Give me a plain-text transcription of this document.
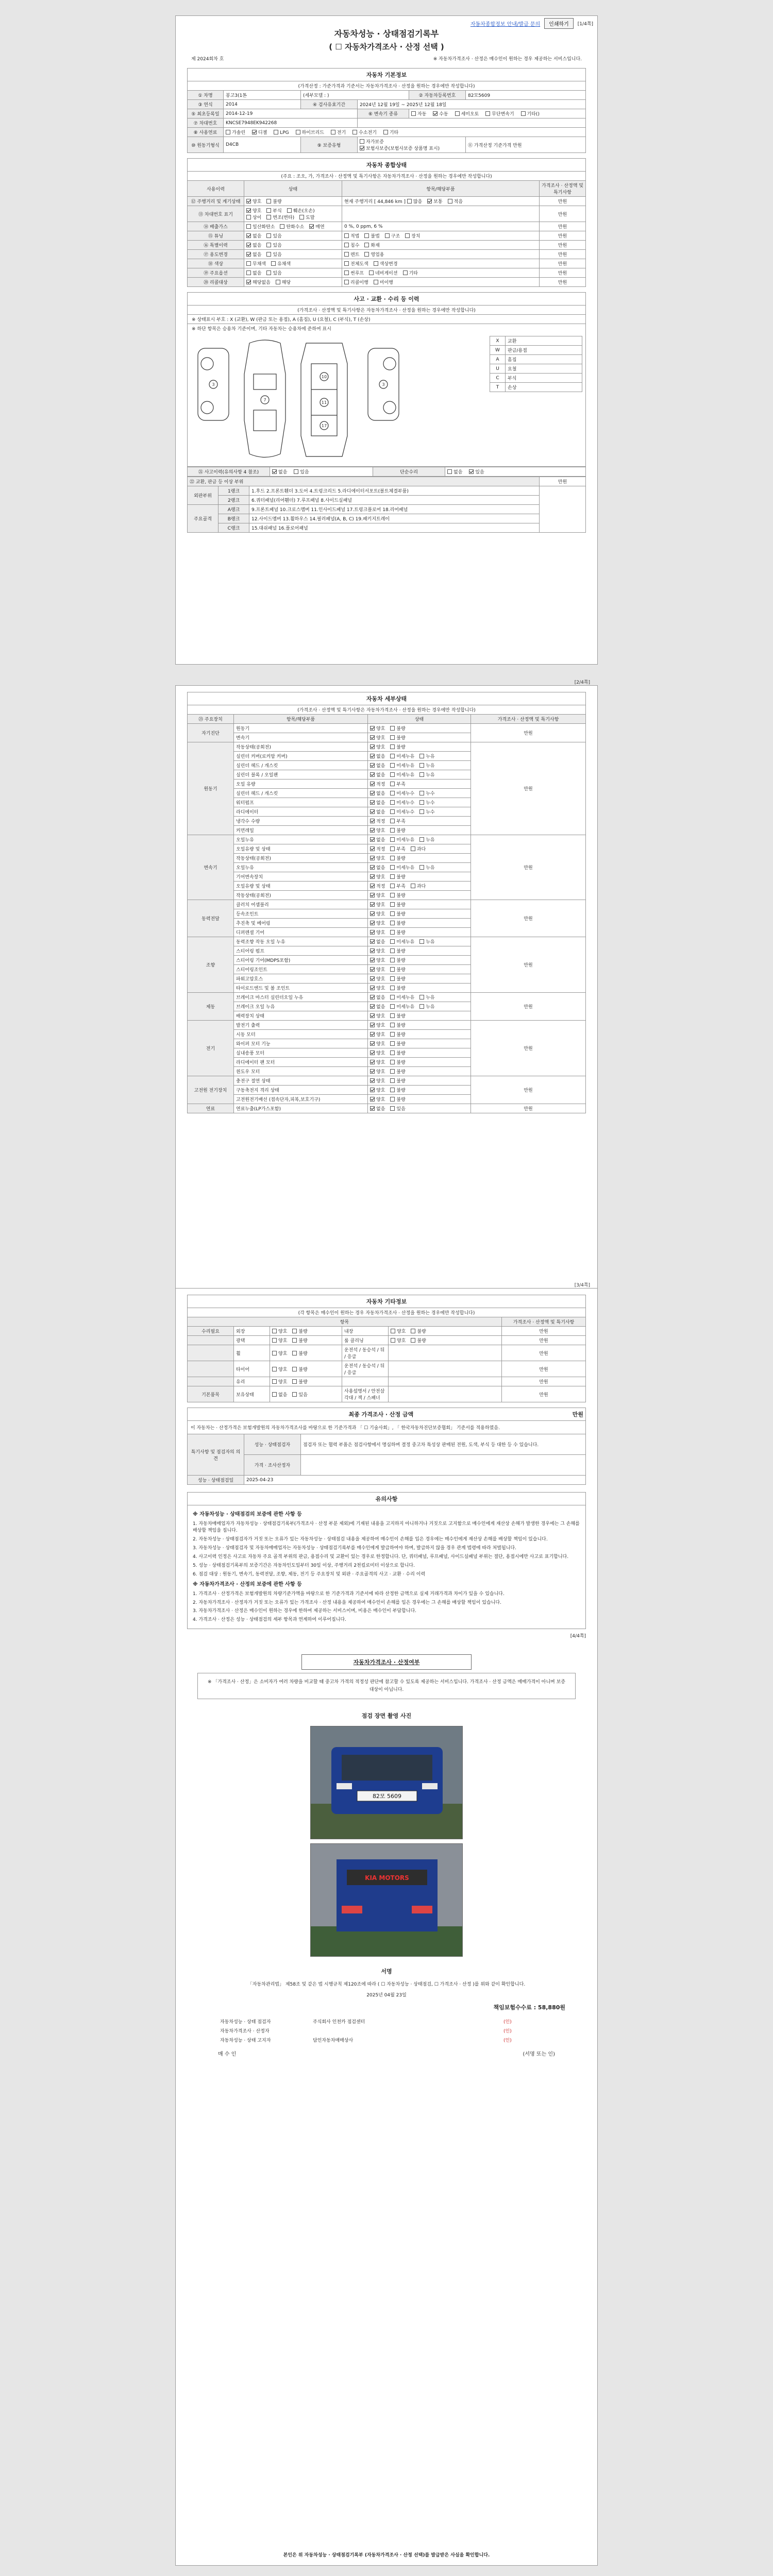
자동차종합정보 안내/발급 문의	인쇄하기	[1/4쪽]
자동차성능 · 상태점검기록부
( ☐ 자동차가격조사 · 산정 선택 )
제 2024회차 호	※ 자동차가격조사 · 산정은 매수인이 원하는 경우 제공하는 서비스입니다.
자동차 기본정보
(가격산정 : 가준가격과 기준서는 자동차가격조사 · 산정을 원하는 경우에만 작성합니다)
① 차명	봉고3(1톤	(세부모델 : )		② 자동차등록번호	82모5609
③ 연식	2014	④ 검사유효기간	2024년 12월 19일 ~ 2025년 12월 18일		
⑤ 최초등록일	2014-12-19		⑥ 변속기 종류	자동 수동 세미오토 무단변속기 기타()	
⑦ 차대번호	KNCSE7948EK942268				
⑧ 사용연료	가솔린 디젤 LPG 하이브리드 전기 수소전기 기타				
⑩ 원동기형식	D4CB	⑨ 보증유형	자가보증 보험사보증(보험사보증 상품명 표시)		⑪ 가격산정 기준가격 만원
자동차 종합상태
(주요 : 조오, 가, 가격조사 · 산정액 및 특기사항은 자동차가격조사 · 산정을 원하는 경우에만 작성합니다)
사용이력	상태	항목/해당부품	가격조사 · 산정액 및 특기사항
⑫ 주행거리 및 계기상태	양호 불량	현재 주행거리 [ 44,846 km ] 많음 보통 적음	만원
⑬ 차대번호 표기	양호 부식 훼손(오손)상이 변조(변타) 도말		만원
⑭ 배출가스	일산화탄소 탄화수소 매연	0 %, 0 ppm, 6 %	만원
⑮ 튜닝	없음 있음	적법 불법 구조 장치	만원
⑯ 특별이력	없음 있음	침수 화재	만원
⑰ 용도변경	없음 있음	렌트 영업용	만원
⑱ 색상	무채색 유채색	전체도색 색상변경	만원
⑲ 주요옵션	없음 있음	썬루프 네비게이션 기타	만원
⑳ 리콜대상	해당없음 해당	리콜이행 미이행	만원
사고 · 교환 · 수리 등 이력
(가격조사 · 산정액 및 특기사항은 자동차가격조사 · 산정을 원하는 경우에만 작성합니다)
※ 상태표시 부호 : X (교환), W (판금 또는 용접), A (흠집), U (요철), C (부식), T (손상)
※ 하단 항목은 승용차 기준이며, 기타 자동차는 승용차에 준하여 표시
10
11
17
7
3	3
X	교환
W	판금/용접
A	흠집
U	요철
C	부식
T	손상
㉑ 사고이력(유의사항 4 참조)	없음	있음	단순수리	없음	있음
㉒ 교환, 판금 등 이상 부위			만원
외판부위	1랭크	1.후드 2.프론트휀더 3.도어 4.트렁크리드 5.라디에이터서포트(볼트체결부품)	
	2랭크	6.쿼터패널(리어휀더) 7.루프패널 8.사이드실패널	
주요골격	A랭크	9.프론트패널 10.크로스멤버 11.인사이드패널 17.트렁크플로어 18.리어패널	
	B랭크	12.사이드멤버 13.휠하우스 14.필러패널(A, B, C) 19.패키지트레이	
	C랭크	15.대쉬패널 16.플로어패널	
[2/4쪽]
자동차 세부상태
(가격조사 · 산정액 및 특기사항은 자동차가격조사 · 산정을 원하는 경우에만 작성합니다)
㉓ 주요장치	항목/해당부품	상태	가격조사 · 산정액 및 특기사항
자기진단	원동기	양호 불량	만원
	변속기	양호 불량	
원동기	작동상태(공회전)	양호 불량	만원
	실린더 커버(로커암 커버)	없음 미세누유 누유	
	실린더 헤드 / 개스킷	없음 미세누유 누유	
	실린더 블록 / 오일팬	없음 미세누유 누유	
	오일 유량	적정 부족	
	실린더 헤드 / 개스킷	없음 미세누수 누수	
	워터펌프	없음 미세누수 누수	
	라디에이터	없음 미세누수 누수	
	냉각수 수량	적정 부족	
	커먼레일	양호 불량	
변속기	오일누유	없음 미세누유 누유	만원
	오일유량 및 상태	적정 부족 과다	
	작동상태(공회전)	양호 불량	
	오일누유	없음 미세누유 누유	
	기어변속장치	양호 불량	
	오일유량 및 상태	적정 부족 과다	
	작동상태(공회전)	양호 불량	
동력전달	클러치 어셈블리	양호 불량	만원
	등속조인트	양호 불량	
	추진축 및 베어링	양호 불량	
	디퍼렌셜 기어	양호 불량	
조향	동력조향 작동 오일 누유	없음 미세누유 누유	만원
	스티어링 펌프	양호 불량	
	스티어링 기어(MDPS포함)	양호 불량	
	스티어링조인트	양호 불량	
	파워고압호스	양호 불량	
	타이로드엔드 및 볼 조인트	양호 불량	
제동	브레이크 마스터 실린더오일 누유	없음 미세누유 누유	만원
	브레이크 오일 누유	없음 미세누유 누유	
	배력장치 상태	양호 불량	
전기	발전기 출력	양호 불량	만원
	시동 모터	양호 불량	
	와이퍼 모터 기능	양호 불량	
	실내송풍 모터	양호 불량	
	라디에이터 팬 모터	양호 불량	
	윈도우 모터	양호 불량	
고전원 전기장치	충전구 절연 상태	양호 불량	만원
	구동축전지 격리 상태	양호 불량	
	고전원전기배선 (접속단자,피복,보호기구)	양호 불량	
연료	연료누출(LP가스포함)	없음 있음	만원
[3/4쪽]
자동차 기타정보
(각 항목은 매수인이 원하는 경우 자동차가격조사 · 산정을 원하는 경우에만 작성합니다)
항목					가격조사 · 산정액 및 특기사항
수리필요	외장	양호 불량	내장	양호 불량	만원
	광택	양호 불량	룸 클리닝	양호 불량	만원
	휠	양호 불량	운전석 / 동승석 / 뒤 / 응급		만원
	타이어	양호 불량	운전석 / 동승석 / 뒤 / 응급		만원
	유리	양호 불량			만원
기본품목	보유상태	없음 있음	사용설명서 / 안전삼각대 / 잭 / 스패너		만원
최종 가격조사 · 산정 금액	만원
이 자동차는 · 산정가격은 보험개발원의 자동차가격조사를 바탕으로 한 기준가격과 「 ☐ 기술사회」, 「 한국자동차진단보증협회」 기준서를 적용하였음.
특기사항 및 점검자의 의견	성능 · 상태점검자	점검자 또는 협력 부품은 점검사항에서 명심하며 결정 중고차 특성상 판매된 전원, 도색, 부식 등 대한 등 수 있습니다.
	가격 · 조사산정자	
성능 · 상태점검일	2025-04-23	
유의사항
※ 자동차성능 · 상태점검의 보증에 관한 사항 등

1. 자동차매매업자가 자동차성능 · 상태점검기록부(가격조사 · 산정 부분 제외)에 기재된 내용을 고지하지 아니하거나 거짓으로 고지함으로 매수인에게 재산상 손해가 발생한 경우에는 그 손해를 배상할 책임을 집니다.

2. 자동차성능 · 상태점검자가 거짓 또는 오류가 있는 자동차성능 · 상태점검 내용을 제공하여 매수인이 손해를 입은 경우에는 매수인에게 재산상 손해를 배상할 책임이 있습니다.

3. 자동차성능 · 상태점검자 및 자동차매매업자는 자동차성능 · 상태점검기록부를 매수인에게 발급하여야 하며, 발급하지 않을 경우 관계 법령에 따라 처벌됩니다.

4. 사고이력 인정은 사고로 자동차 주요 골격 부위의 판금, 용접수리 및 교환이 있는 경우로 한정합니다. 단, 쿼터패널, 루프패널, 사이드실패널 부위는 절단, 용접시에만 사고로 표기합니다.

5. 성능 · 상태점검기록부의 보증기간은 자동차인도일부터 30일 이상, 주행거리 2천킬로미터 이상으로 합니다.

6. 점검 대상 : 원동기, 변속기, 동력전달, 조향, 제동, 전기 등 주요장치 및 외판 · 주요골격의 사고 · 교환 · 수리 이력

※ 자동차가격조사 · 산정의 보증에 관한 사항 등

1. 가격조사 · 산정가격은 보험개발원의 차량기준가액을 바탕으로 한 기준가격과 기준서에 따라 산정한 금액으로 실제 거래가격과 차이가 있을 수 있습니다.

2. 자동차가격조사 · 산정자가 거짓 또는 오류가 있는 가격조사 · 산정 내용을 제공하여 매수인이 손해를 입은 경우에는 그 손해를 배상할 책임이 있습니다.

3. 자동차가격조사 · 산정은 매수인이 원하는 경우에 한하여 제공하는 서비스이며, 비용은 매수인이 부담합니다.

4. 가격조사 · 산정은 성능 · 상태점검의 세부 항목과 연계하여 이루어집니다.

[4/4쪽]
자동차가격조사 · 산정여부
※ 「가격조사 · 산정」은 소비자가 여러 차량을 비교할 때 중고차 가격의 적정성 판단에 참고할 수 있도록 제공하는 서비스입니다. 가격조사 · 산정 금액은 매매가격이 아니며 보증 대상이 아닙니다.
점검 장면 촬영 사진
82모 5609
KIA MOTORS
서명

「자동차관리법」 제58조 및 같은 법 시행규칙 제120조에 따라 ( ☐ 자동차성능 · 상태점검, ☐ 가격조사 · 산정 )를 위와 같이 확인합니다.

2025년 04월 23일

책임보험수수료 : 58,880원

자동차성능 · 상태 점검자	주식회사 인천카 점검센터	(인)
자동차가격조사 · 산정자		(인)
자동차성능 · 상태 고지자	담인자동차매매상사	(인)
매 수 인	(서명 또는 인)
본인은 위 자동차성능 · 상태점검기록부 (자동차가격조사 · 산정 선택)를 발급받은 사실을 확인합니다.
